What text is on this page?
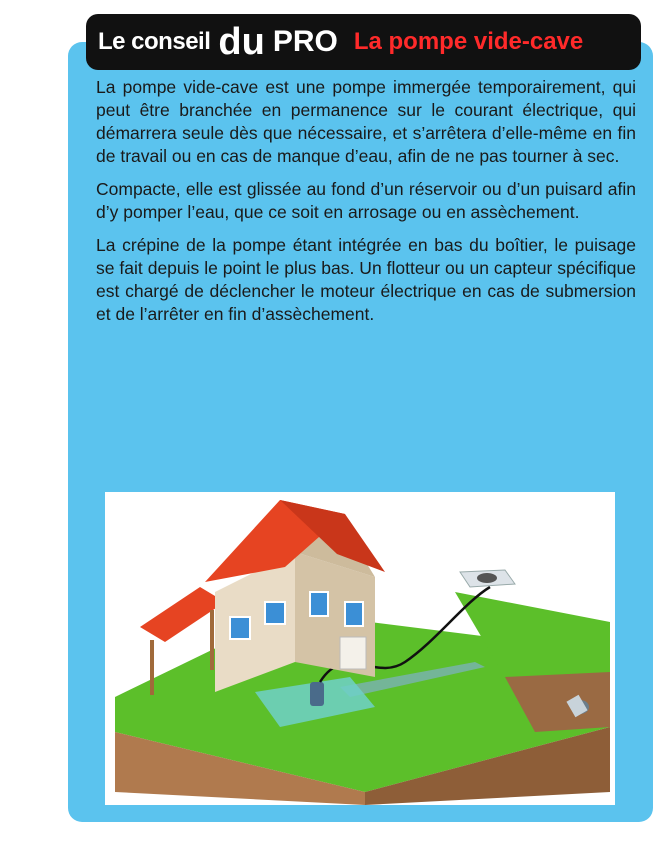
Le conseil du PRO La pompe vide-cave

La pompe vide-cave est une pompe immergée temporairement, qui peut être branchée en permanence sur le courant électrique, qui démarrera seule dès que nécessaire, et s’arrêtera d’elle-même en fin de travail ou en cas de manque d’eau, afin de ne pas tourner à sec.

Compacte, elle est glissée au fond d’un réservoir ou d’un puisard afin d’y pomper l’eau, que ce soit en arrosage ou en assèchement.

La crépine de la pompe étant intégrée en bas du boîtier, le puisage se fait depuis le point le plus bas. Un flotteur ou un capteur spécifique est chargé de déclencher le moteur électrique en cas de submersion et de l’arrêter en fin d’assèchement.
